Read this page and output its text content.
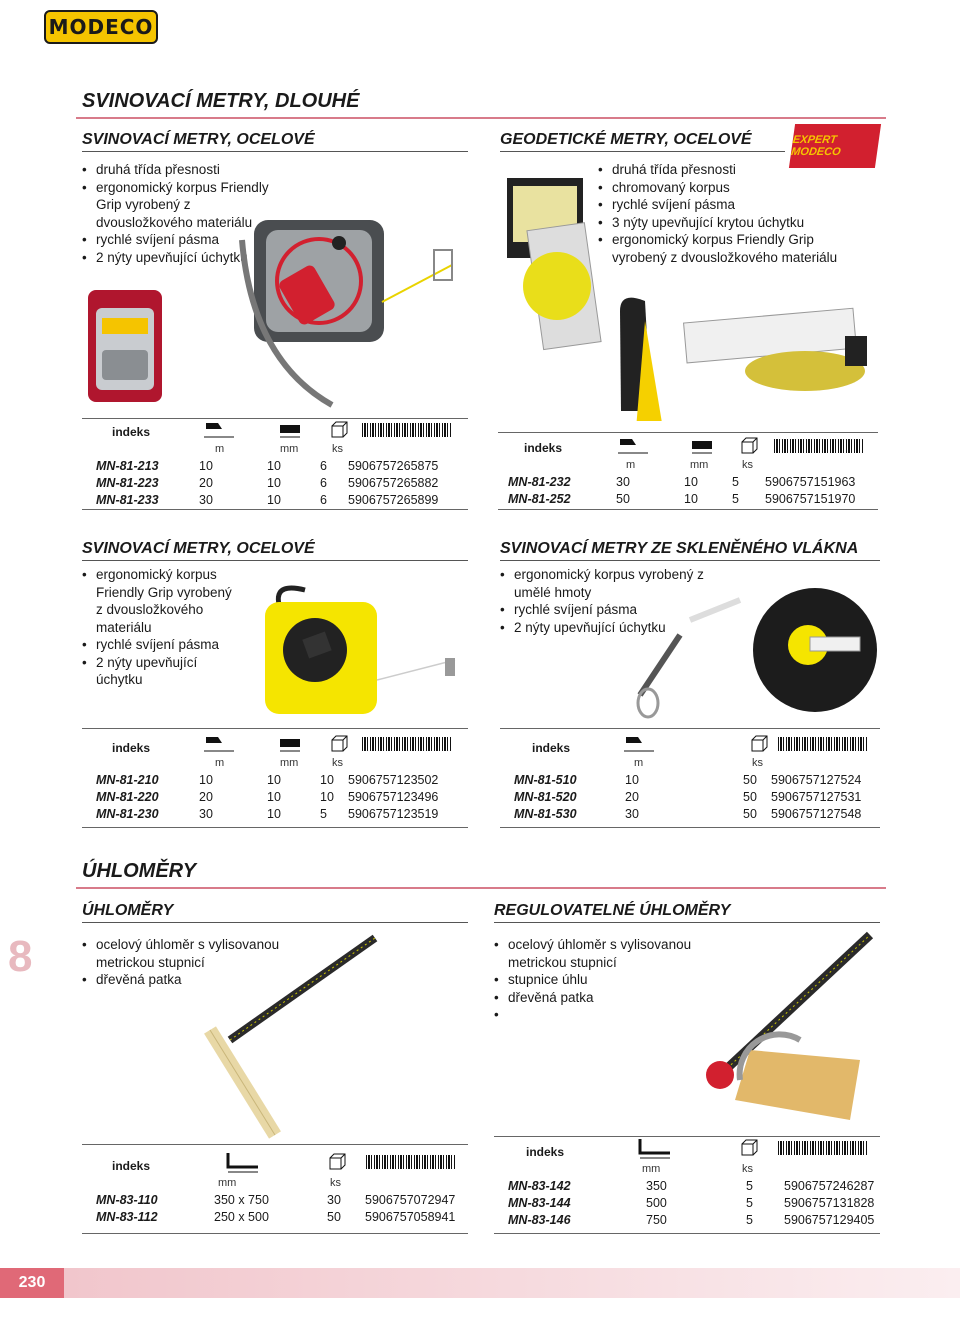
MODECO
SVINOVACÍ METRY, DLOUHÉ
SVINOVACÍ METRY, OCELOVÉ
• druhá třída přesnosti
• ergonomický korpus Friendly Grip vyrobený z dvousložkového materiálu
• rychlé svíjení pásma
• 2 nýty upevňující úchytku
indeks
m	mm	ks
MN-81-213	10	10	6	5906757265875
MN-81-223	20	10	6	5906757265882
MN-81-233	30	10	6	5906757265899
GEODETICKÉ METRY, OCELOVÉ	EXPERT MODECO
• druhá třída přesnosti
• chromovaný korpus
• rychlé svíjení pásma
• 3 nýty upevňující krytou úchytku
• ergonomický korpus Friendly Grip vyrobený z dvousložkového materiálu
indeks
m	mm	ks
MN-81-232	30	10	5	5906757151963
MN-81-252	50	10	5	5906757151970
SVINOVACÍ METRY, OCELOVÉ
• ergonomický korpus Friendly Grip vyrobený z dvousložkového materiálu
• rychlé svíjení pásma
• 2 nýty upevňující úchytku
indeks
m	mm	ks
MN-81-210	10	10	10	5906757123502
MN-81-220	20	10	10	5906757123496
MN-81-230	30	10	5	5906757123519
SVINOVACÍ METRY ZE SKLENĚNÉHO VLÁKNA
• ergonomický korpus vyrobený z umělé hmoty
• rychlé svíjení pásma
• 2 nýty upevňující úchytku
indeks
m	ks
MN-81-510	10	50	5906757127524
MN-81-520	20	50	5906757127531
MN-81-530	30	50	5906757127548
ÚHLOMĚRY
8
ÚHLOMĚRY
• ocelový úhloměr s vylisovanou metrickou stupnicí
• dřevěná patka
indeks
mm	ks
MN-83-110	350 x 750	30	5906757072947
MN-83-112	250 x 500	50	5906757058941
REGULOVATELNÉ ÚHLOMĚRY
• ocelový úhloměr s vylisovanou metrickou stupnicí
• stupnice úhlu
• dřevěná patka
indeks
mm	ks
MN-83-142	350	5	5906757246287
MN-83-144	500	5	5906757131828
MN-83-146	750	5	5906757129405
230
